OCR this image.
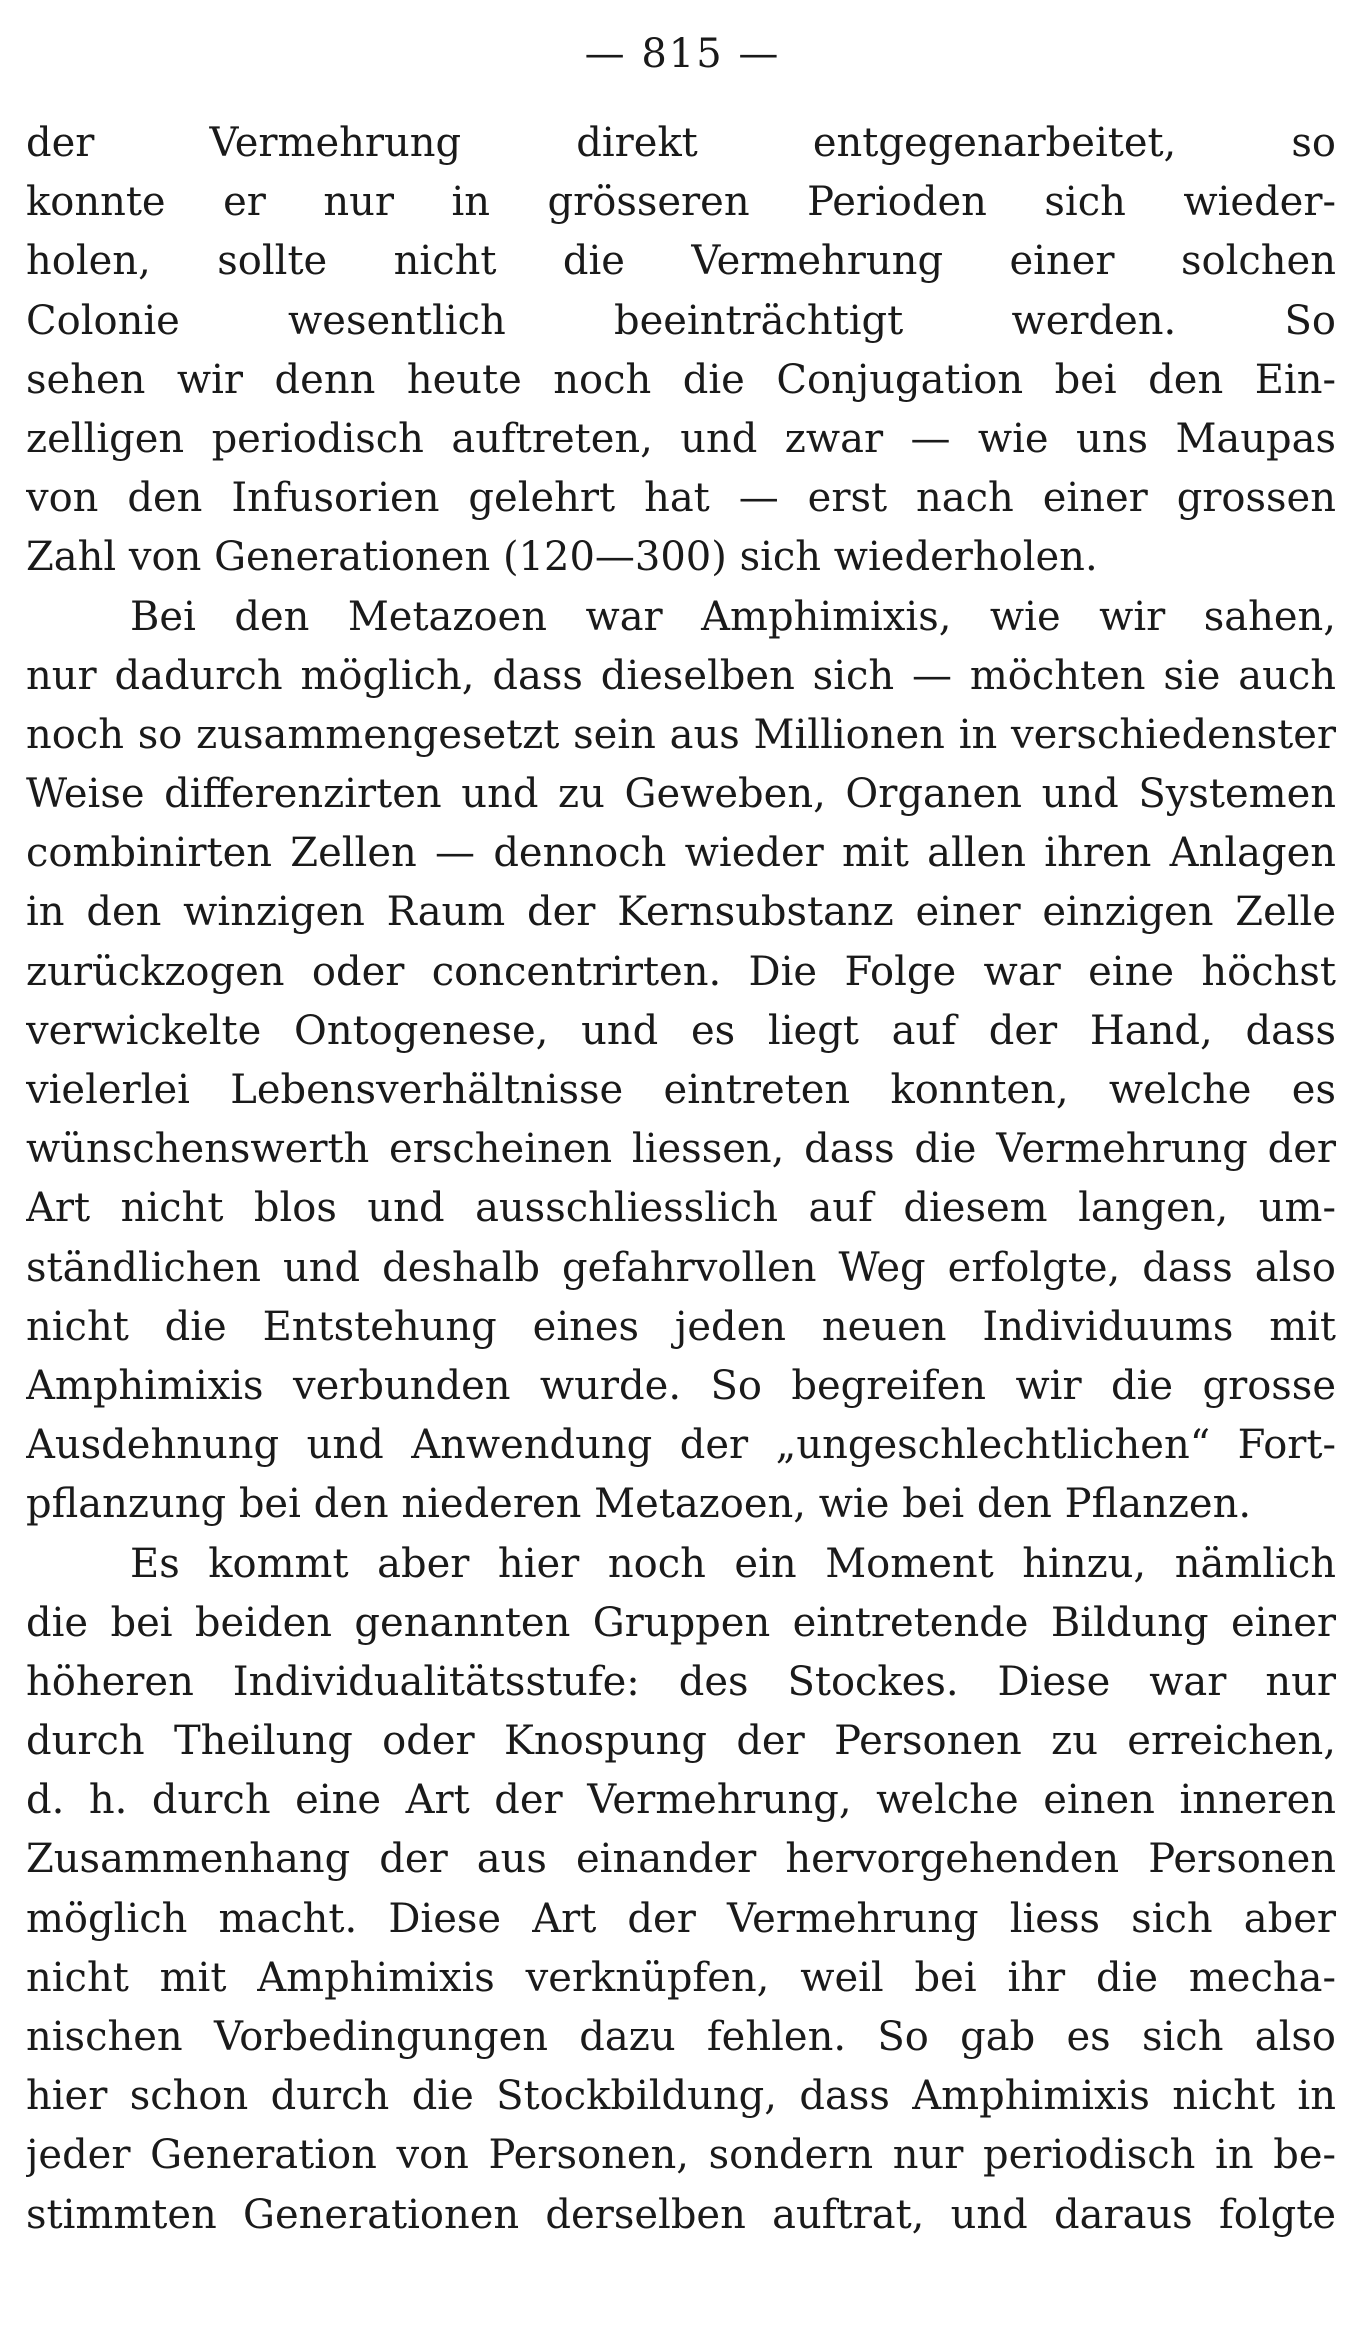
— 815 —
der Vermehrung direkt entgegenarbeitet, so
konnte er nur in grösseren Perioden sich wieder-
holen, sollte nicht die Vermehrung einer solchen
Colonie wesentlich beeinträchtigt werden. So
sehen wir denn heute noch die Conjugation bei den Ein-
zelligen periodisch auftreten, und zwar — wie uns Maupas
von den Infusorien gelehrt hat — erst nach einer grossen
Zahl von Generationen (120—300) sich wiederholen.
Bei den Metazoen war Amphimixis, wie wir sahen,
nur dadurch möglich, dass dieselben sich — möchten sie auch
noch so zusammengesetzt sein aus Millionen in verschiedenster
Weise differenzirten und zu Geweben, Organen und Systemen
combinirten Zellen — dennoch wieder mit allen ihren Anlagen
in den winzigen Raum der Kernsubstanz einer einzigen Zelle
zurückzogen oder concentrirten. Die Folge war eine höchst
verwickelte Ontogenese, und es liegt auf der Hand, dass
vielerlei Lebensverhältnisse eintreten konnten, welche es
wünschenswerth erscheinen liessen, dass die Vermehrung der
Art nicht blos und ausschliesslich auf diesem langen, um-
ständlichen und deshalb gefahrvollen Weg erfolgte, dass also
nicht die Entstehung eines jeden neuen Individuums mit
Amphimixis verbunden wurde. So begreifen wir die grosse
Ausdehnung und Anwendung der „ungeschlechtlichen“ Fort-
pflanzung bei den niederen Metazoen, wie bei den Pflanzen.
Es kommt aber hier noch ein Moment hinzu, nämlich
die bei beiden genannten Gruppen eintretende Bildung einer
höheren Individualitätsstufe: des Stockes. Diese war nur
durch Theilung oder Knospung der Personen zu erreichen,
d. h. durch eine Art der Vermehrung, welche einen inneren
Zusammenhang der aus einander hervorgehenden Personen
möglich macht. Diese Art der Vermehrung liess sich aber
nicht mit Amphimixis verknüpfen, weil bei ihr die mecha-
nischen Vorbedingungen dazu fehlen. So gab es sich also
hier schon durch die Stockbildung, dass Amphimixis nicht in
jeder Generation von Personen, sondern nur periodisch in be-
stimmten Generationen derselben auftrat, und daraus folgte
